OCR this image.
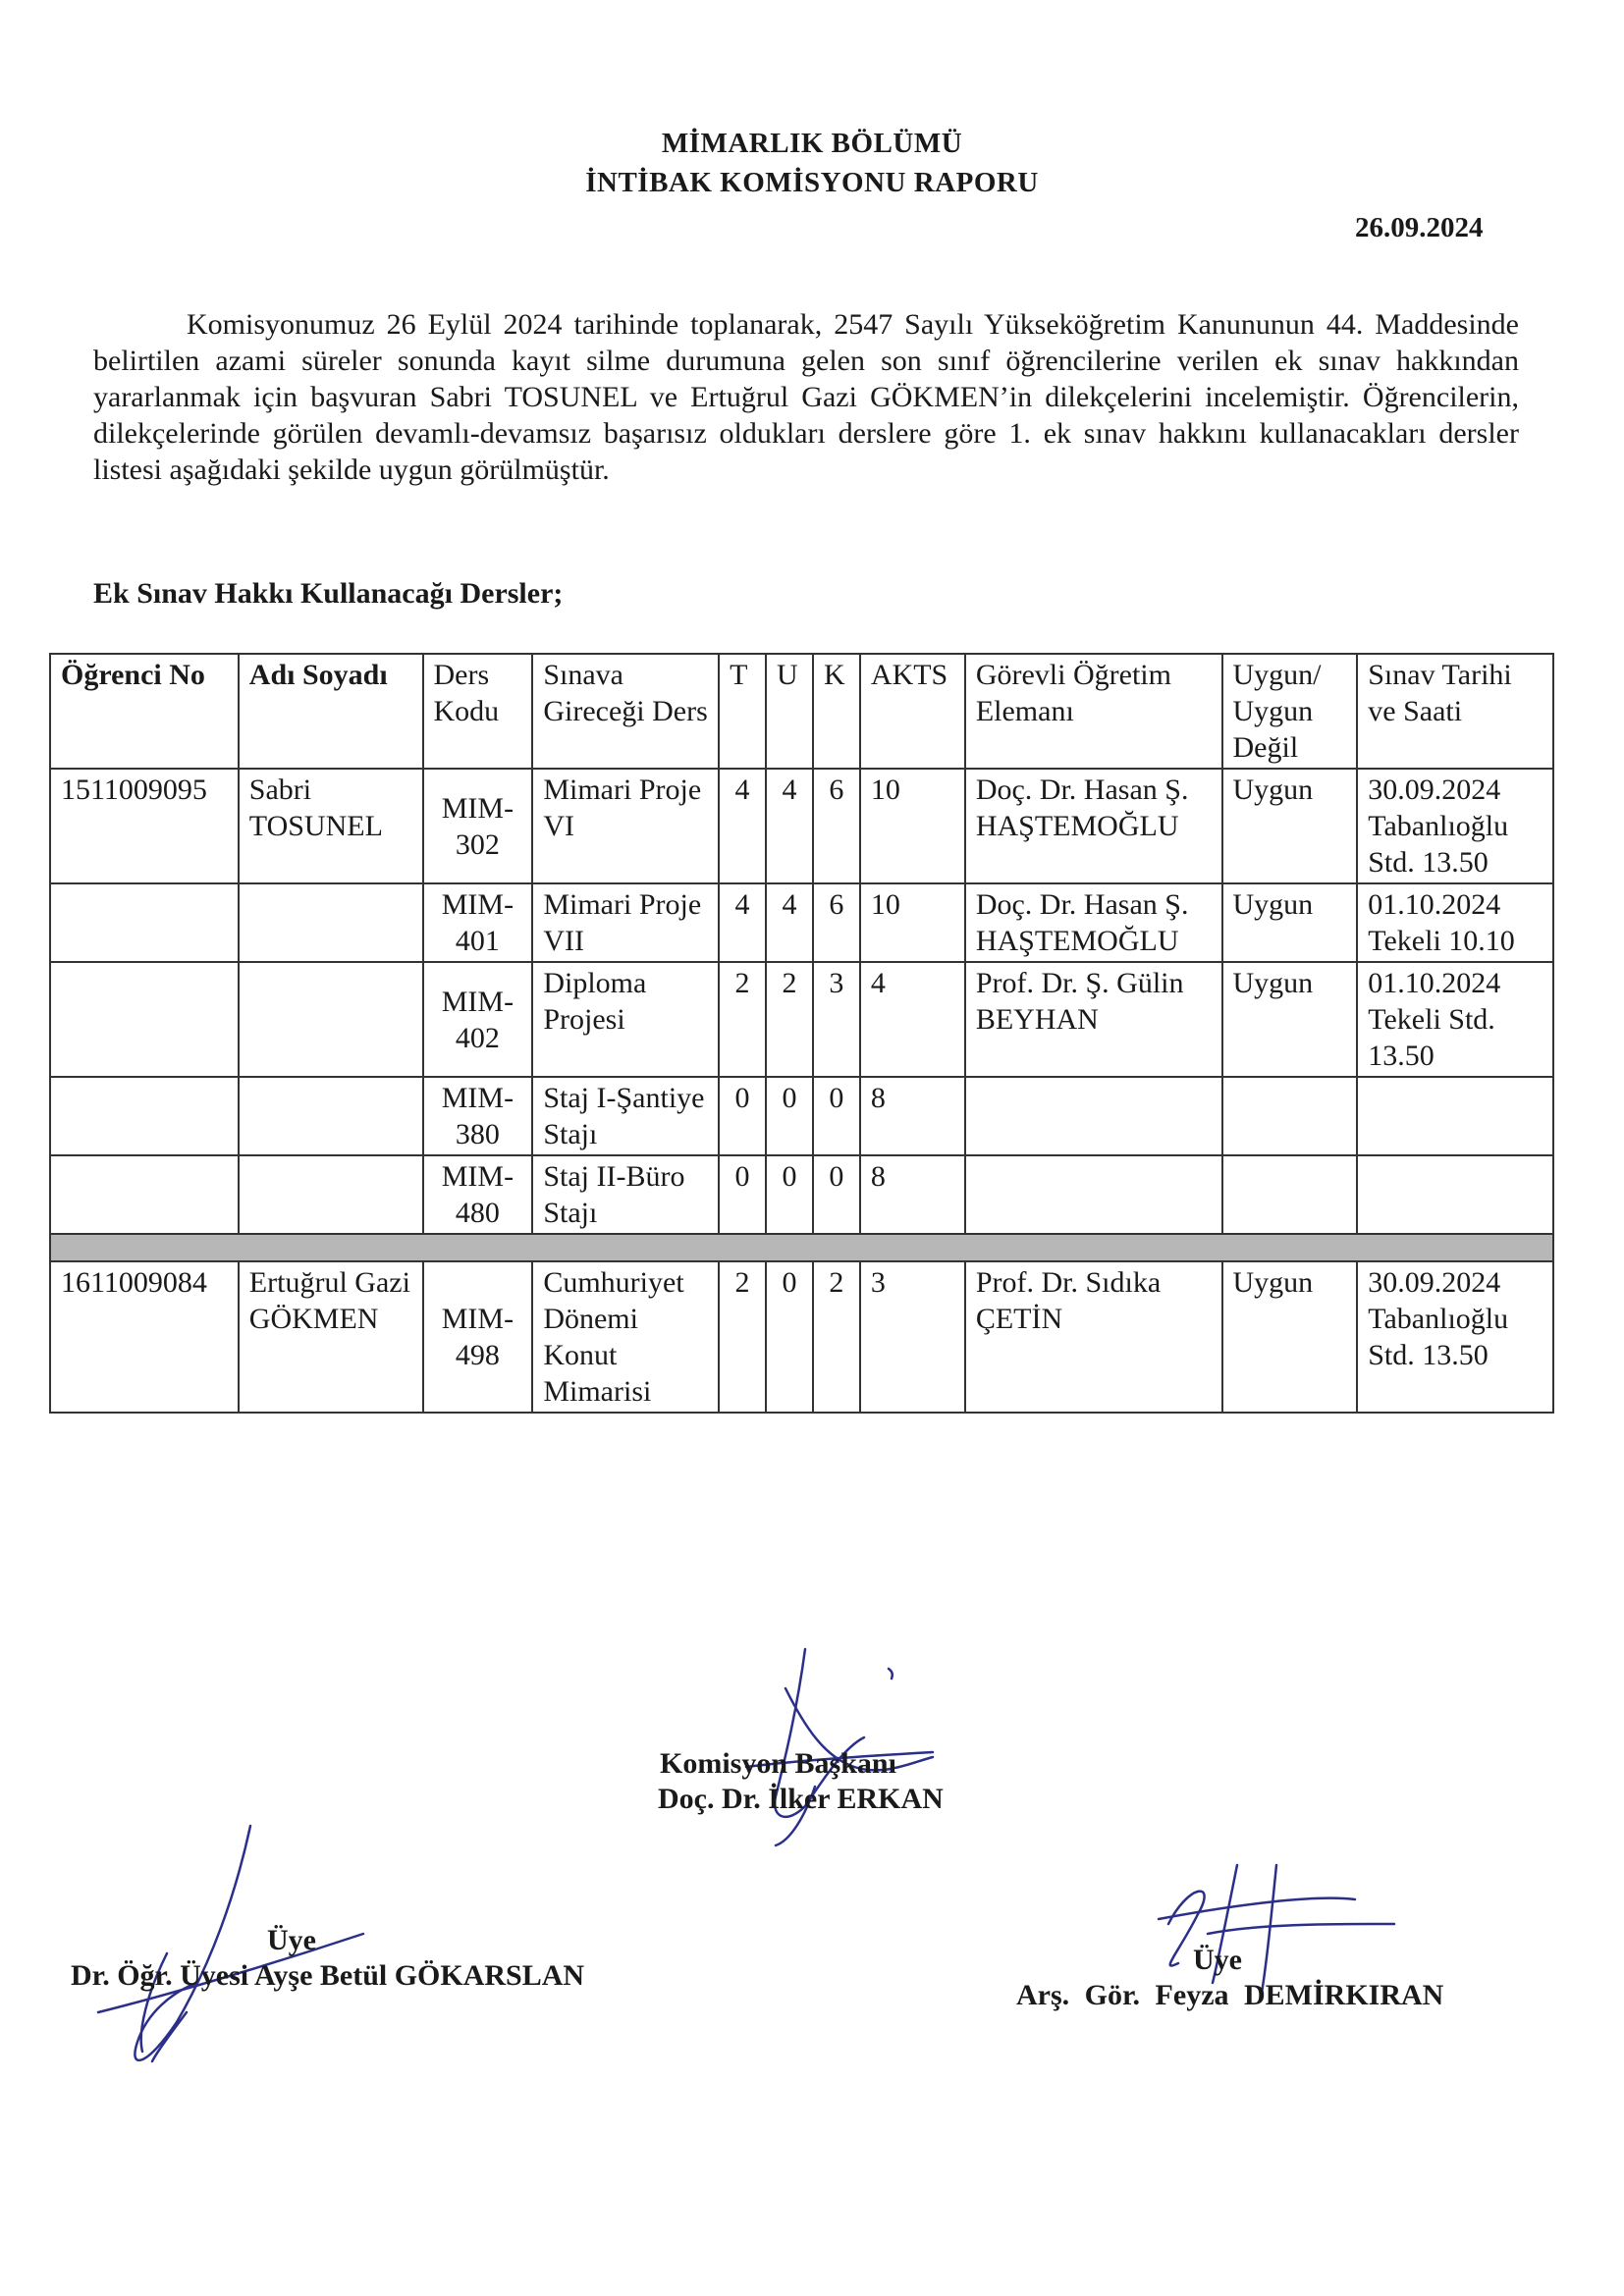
MİMARLIK BÖLÜMÜ
İNTİBAK KOMİSYONU RAPORU
26.09.2024

Komisyonumuz 26 Eylül 2024 tarihinde toplanarak, 2547 Sayılı Yükseköğretim Kanununun 44. Maddesinde belirtilen azami süreler sonunda kayıt silme durumuna gelen son sınıf öğrencilerine verilen ek sınav hakkından yararlanmak için başvuran Sabri TOSUNEL ve Ertuğrul Gazi GÖKMEN’in dilekçelerini incelemiştir. Öğrencilerin, dilekçelerinde görülen devamlı-devamsız başarısız oldukları derslere göre 1. ek sınav hakkını kullanacakları dersler listesi aşağıdaki şekilde uygun görülmüştür.

Ek Sınav Hakkı Kullanacağı Dersler;
Öğrenci No	Adı Soyadı	Ders Kodu	Sınava Gireceği Ders	T	U	K	AKTS	Görevli Öğretim Elemanı	Uygun/ Uygun Değil	Sınav Tarihi ve Saati
1511009095	Sabri TOSUNEL	MIM-302	Mimari Proje VI	4	4	6	10	Doç. Dr. Hasan Ş. HAŞTEMOĞLU	Uygun	30.09.2024 Tabanlıoğlu Std. 13.50
		MIM-401	Mimari Proje VII	4	4	6	10	Doç. Dr. Hasan Ş. HAŞTEMOĞLU	Uygun	01.10.2024 Tekeli 10.10
		MIM-402	Diploma Projesi	2	2	3	4	Prof. Dr. Ş. Gülin BEYHAN	Uygun	01.10.2024 Tekeli Std. 13.50
		MIM-380	Staj I-Şantiye Stajı	0	0	0	8			
		MIM-480	Staj II-Büro Stajı	0	0	0	8			

1611009084	Ertuğrul Gazi GÖKMEN	MIM-498	Cumhuriyet Dönemi Konut Mimarisi	2	0	2	3	Prof. Dr. Sıdıka ÇETİN	Uygun	30.09.2024 Tabanlıoğlu Std. 13.50
Komisyon Başkanı
Doç. Dr. İlker ERKAN
Üye
Dr. Öğr. Üyesi Ayşe Betül GÖKARSLAN	Üye
Arş. Gör. Feyza DEMİRKIRAN
